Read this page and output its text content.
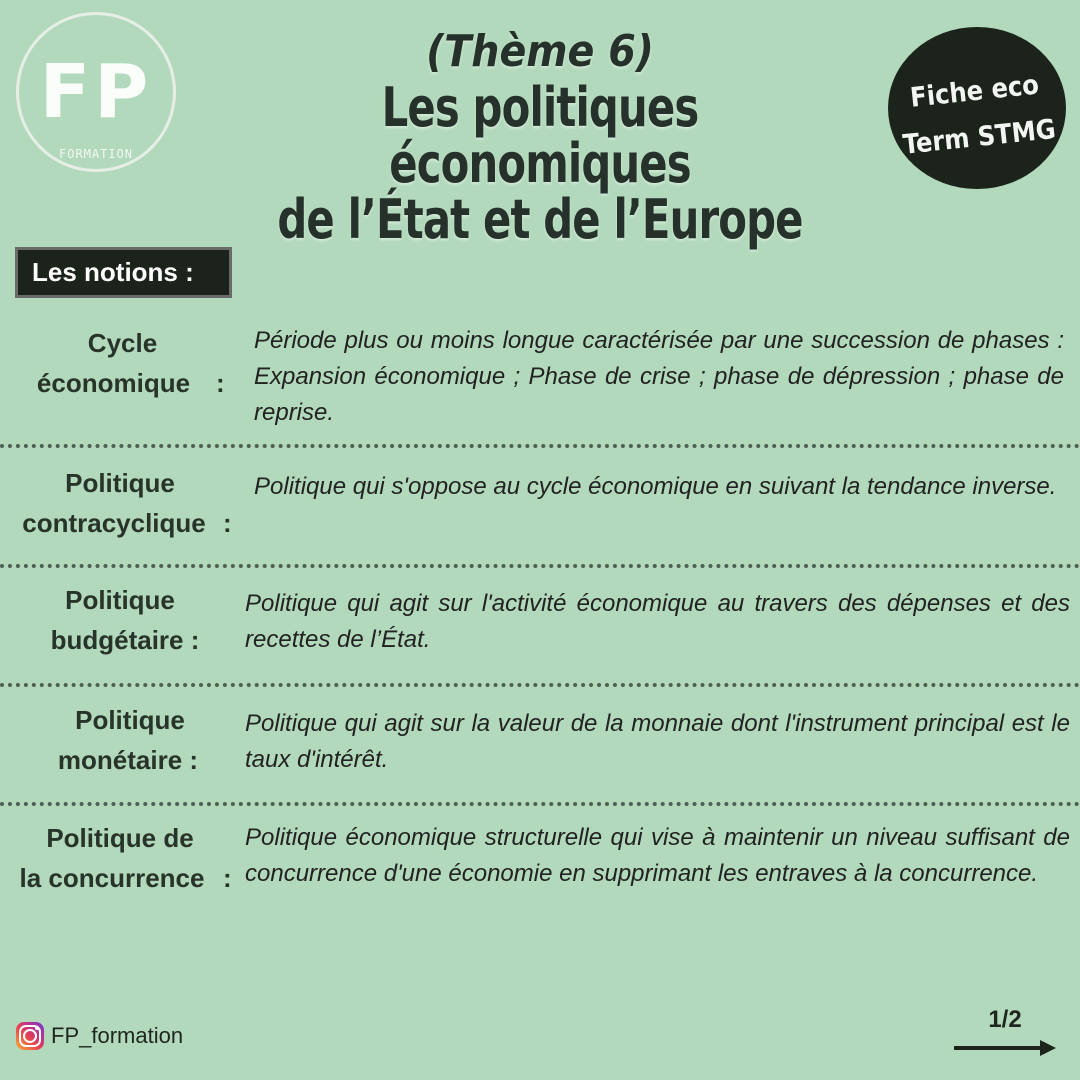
FP
FORMATION
(Thème 6)
Les politiques économiques
de l’État et de l’Europe
Fiche eco
Term STMG
Les notions :
Cycle
économique :
Période plus ou moins longue caractérisée par une succession de phases : Expansion économique ; Phase de crise ; phase de dépression ; phase de reprise.
Politique
contracyclique :
Politique qui s'oppose au cycle économique en suivant la tendance inverse.
Politique
budgétaire :
Politique qui agit sur l'activité économique au travers des dépenses et des recettes de l’État.
Politique
monétaire :
Politique qui agit sur la valeur de la monnaie dont l'instrument principal est le taux d'intérêt.
Politique de
la concurrence :
Politique économique structurelle qui vise à maintenir un niveau suffisant de concurrence d'une économie en supprimant les entraves à la concurrence.
FP_formation
1/2
